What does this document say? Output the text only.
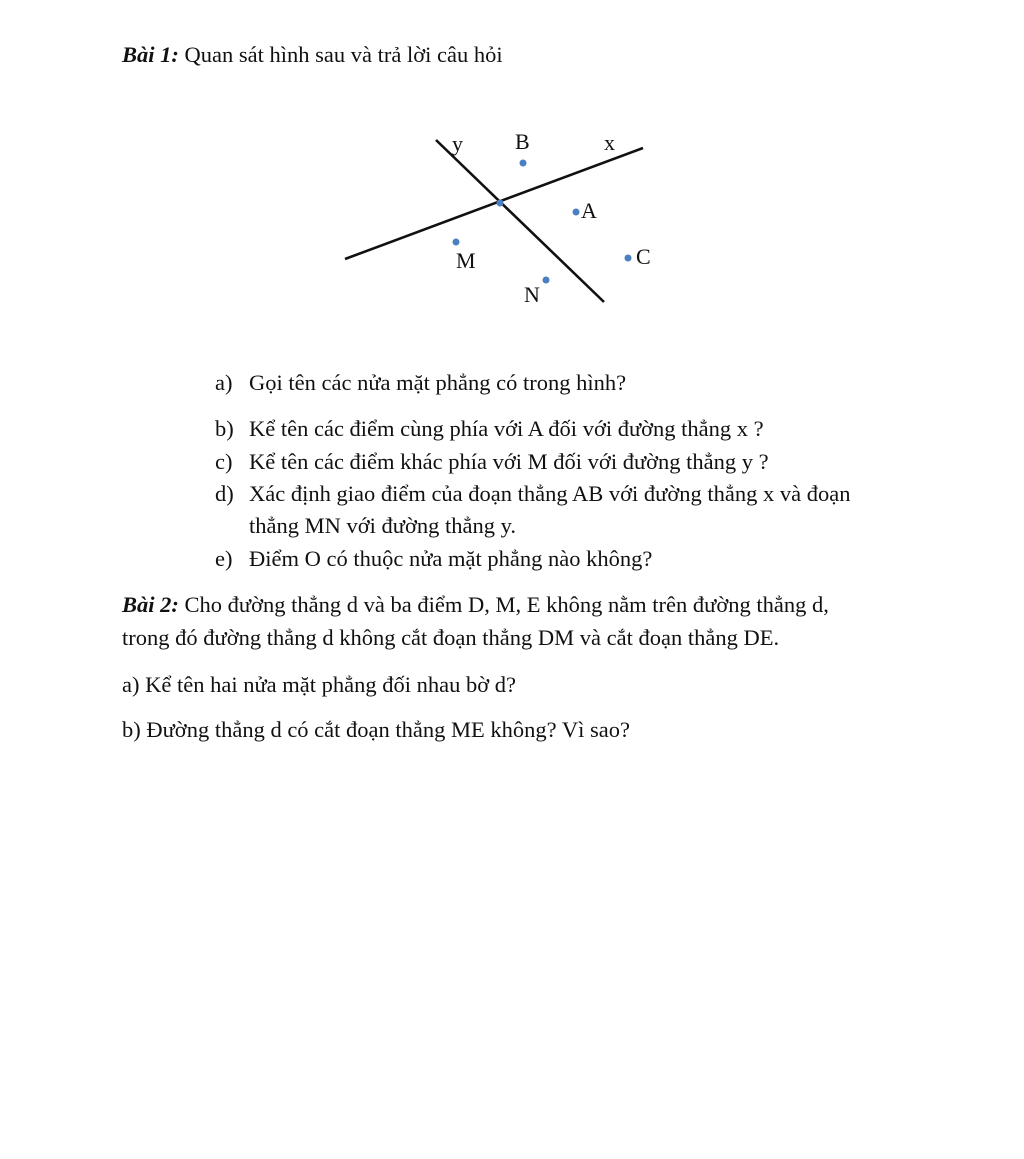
Bài 1: Quan sát hình sau và trả lời câu hỏi
y B	x
A
M	C
N
a) Gọi tên các nửa mặt phẳng có trong hình?
b) Kể tên các điểm cùng phía với A đối với đường thẳng x ?
c) Kể tên các điểm khác phía với M đối với đường thẳng y ?
d) Xác định giao điểm của đoạn thẳng AB với đường thẳng x và đoạn
thẳng MN với đường thẳng y.
e) Điểm O có thuộc nửa mặt phẳng nào không?
Bài 2: Cho đường thẳng d và ba điểm D, M, E không nằm trên đường thẳng d,
trong đó đường thẳng d không cắt đoạn thẳng DM và cắt đoạn thẳng DE.
a) Kể tên hai nửa mặt phẳng đối nhau bờ d?
b) Đường thẳng d có cắt đoạn thẳng ME không? Vì sao?
